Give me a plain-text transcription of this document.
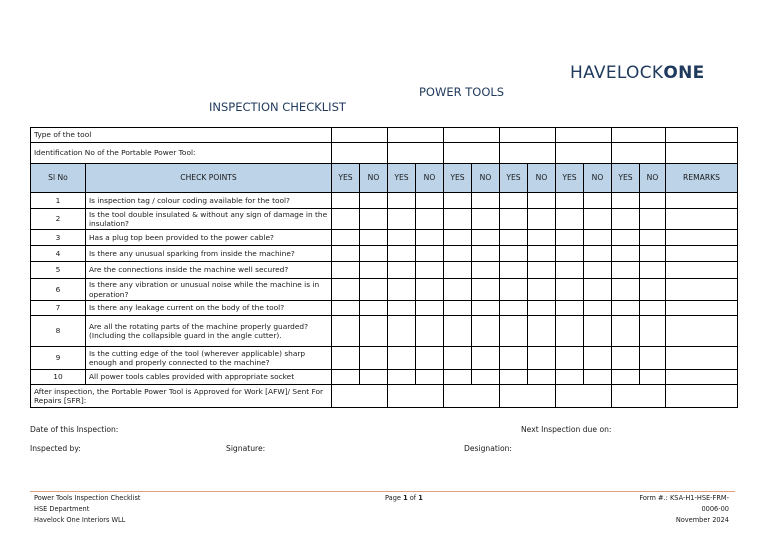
HAVELOCKONE
POWER TOOLS
INSPECTION CHECKLIST
Type of the tool														
Identification No of the Portable Power Tool:														
Sl No	CHECK POINTS	YES	NO	YES	NO	YES	NO	YES	NO	YES	NO	YES	NO	REMARKS
1	Is inspection tag / colour coding available for the tool?													
2	Is the tool double insulated & without any sign of damage in the insulation?													
3	Has a plug top been provided to the power cable?													
4	Is there any unusual sparking from inside the machine?													
5	Are the connections inside the machine well secured?													
6	Is there any vibration or unusual noise while the machine is in operation?													
7	Is there any leakage current on the body of the tool?													
8	Are all the rotating parts of the machine properly guarded? (Including the collapsible guard in the angle cutter).													
9	Is the cutting edge of the tool (wherever applicable) sharp enough and properly connected to the machine?													
10	All power tools cables provided with appropriate socket													
After inspection, the Portable Power Tool is Approved for Work [AFW]/ Sent For Repairs [SFR]:														
Date of this Inspection:	Next Inspection due on:
Inspected by:	Signature:	Designation:
Power Tools Inspection Checklist
HSE Department
Havelock One Interiors WLL
Page 1 of 1	Form #.: KSA-H1-HSE-FRM-
0006-00
November 2024
